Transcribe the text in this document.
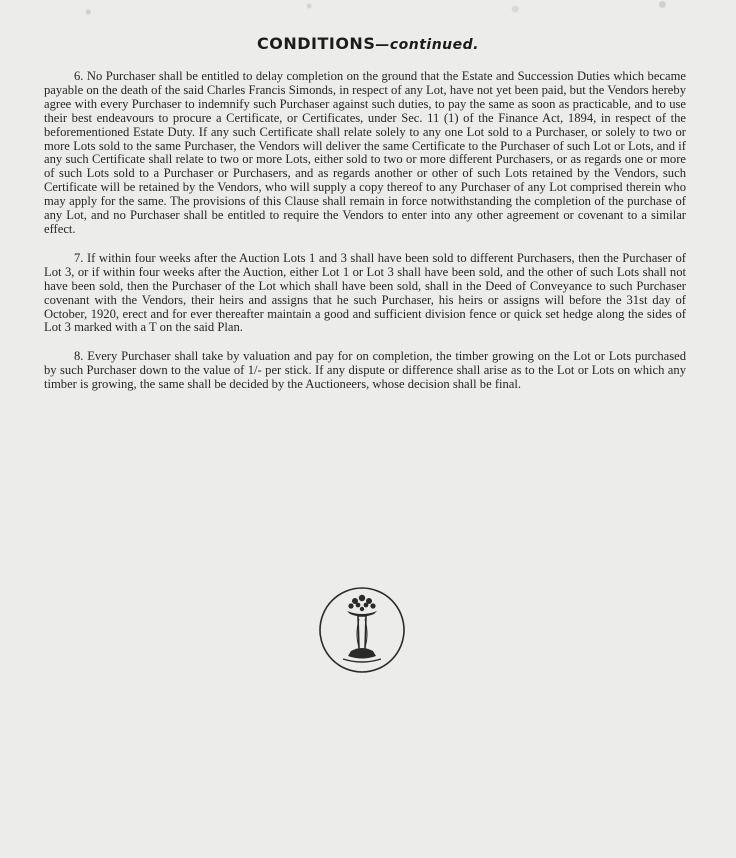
CONDITIONS—continued.

6. No Purchaser shall be entitled to delay completion on the ground that the Estate and Succession Duties which became payable on the death of the said Charles Francis Simonds, in respect of any Lot, have not yet been paid, but the Vendors hereby agree with every Purchaser to indemnify such Purchaser against such duties, to pay the same as soon as practicable, and to use their best endeavours to procure a Certificate, or Certificates, under Sec. 11 (1) of the Finance Act, 1894, in respect of the beforementioned Estate Duty. If any such Certificate shall relate solely to any one Lot sold to a Purchaser, or solely to two or more Lots sold to the same Purchaser, the Vendors will deliver the same Certificate to the Purchaser of such Lot or Lots, and if any such Certificate shall relate to two or more Lots, either sold to two or more different Purchasers, or as regards one or more of such Lots sold to a Purchaser or Purchasers, and as regards another or other of such Lots retained by the Vendors, such Certificate will be retained by the Vendors, who will supply a copy thereof to any Purchaser of any Lot comprised therein who may apply for the same. The provisions of this Clause shall remain in force notwithstanding the completion of the purchase of any Lot, and no Purchaser shall be entitled to require the Vendors to enter into any other agreement or covenant to a similar effect.

7. If within four weeks after the Auction Lots 1 and 3 shall have been sold to different Purchasers, then the Purchaser of Lot 3, or if within four weeks after the Auction, either Lot 1 or Lot 3 shall have been sold, and the other of such Lots shall not have been sold, then the Purchaser of the Lot which shall have been sold, shall in the Deed of Conveyance to such Purchaser covenant with the Vendors, their heirs and assigns that he such Purchaser, his heirs or assigns will before the 31st day of October, 1920, erect and for ever thereafter maintain a good and sufficient division fence or quick set hedge along the sides of Lot 3 marked with a T on the said Plan.

8. Every Purchaser shall take by valuation and pay for on completion, the timber growing on the Lot or Lots purchased by such Purchaser down to the value of 1/- per stick. If any dispute or difference shall arise as to the Lot or Lots on which any timber is growing, the same shall be decided by the Auctioneers, whose decision shall be final.
